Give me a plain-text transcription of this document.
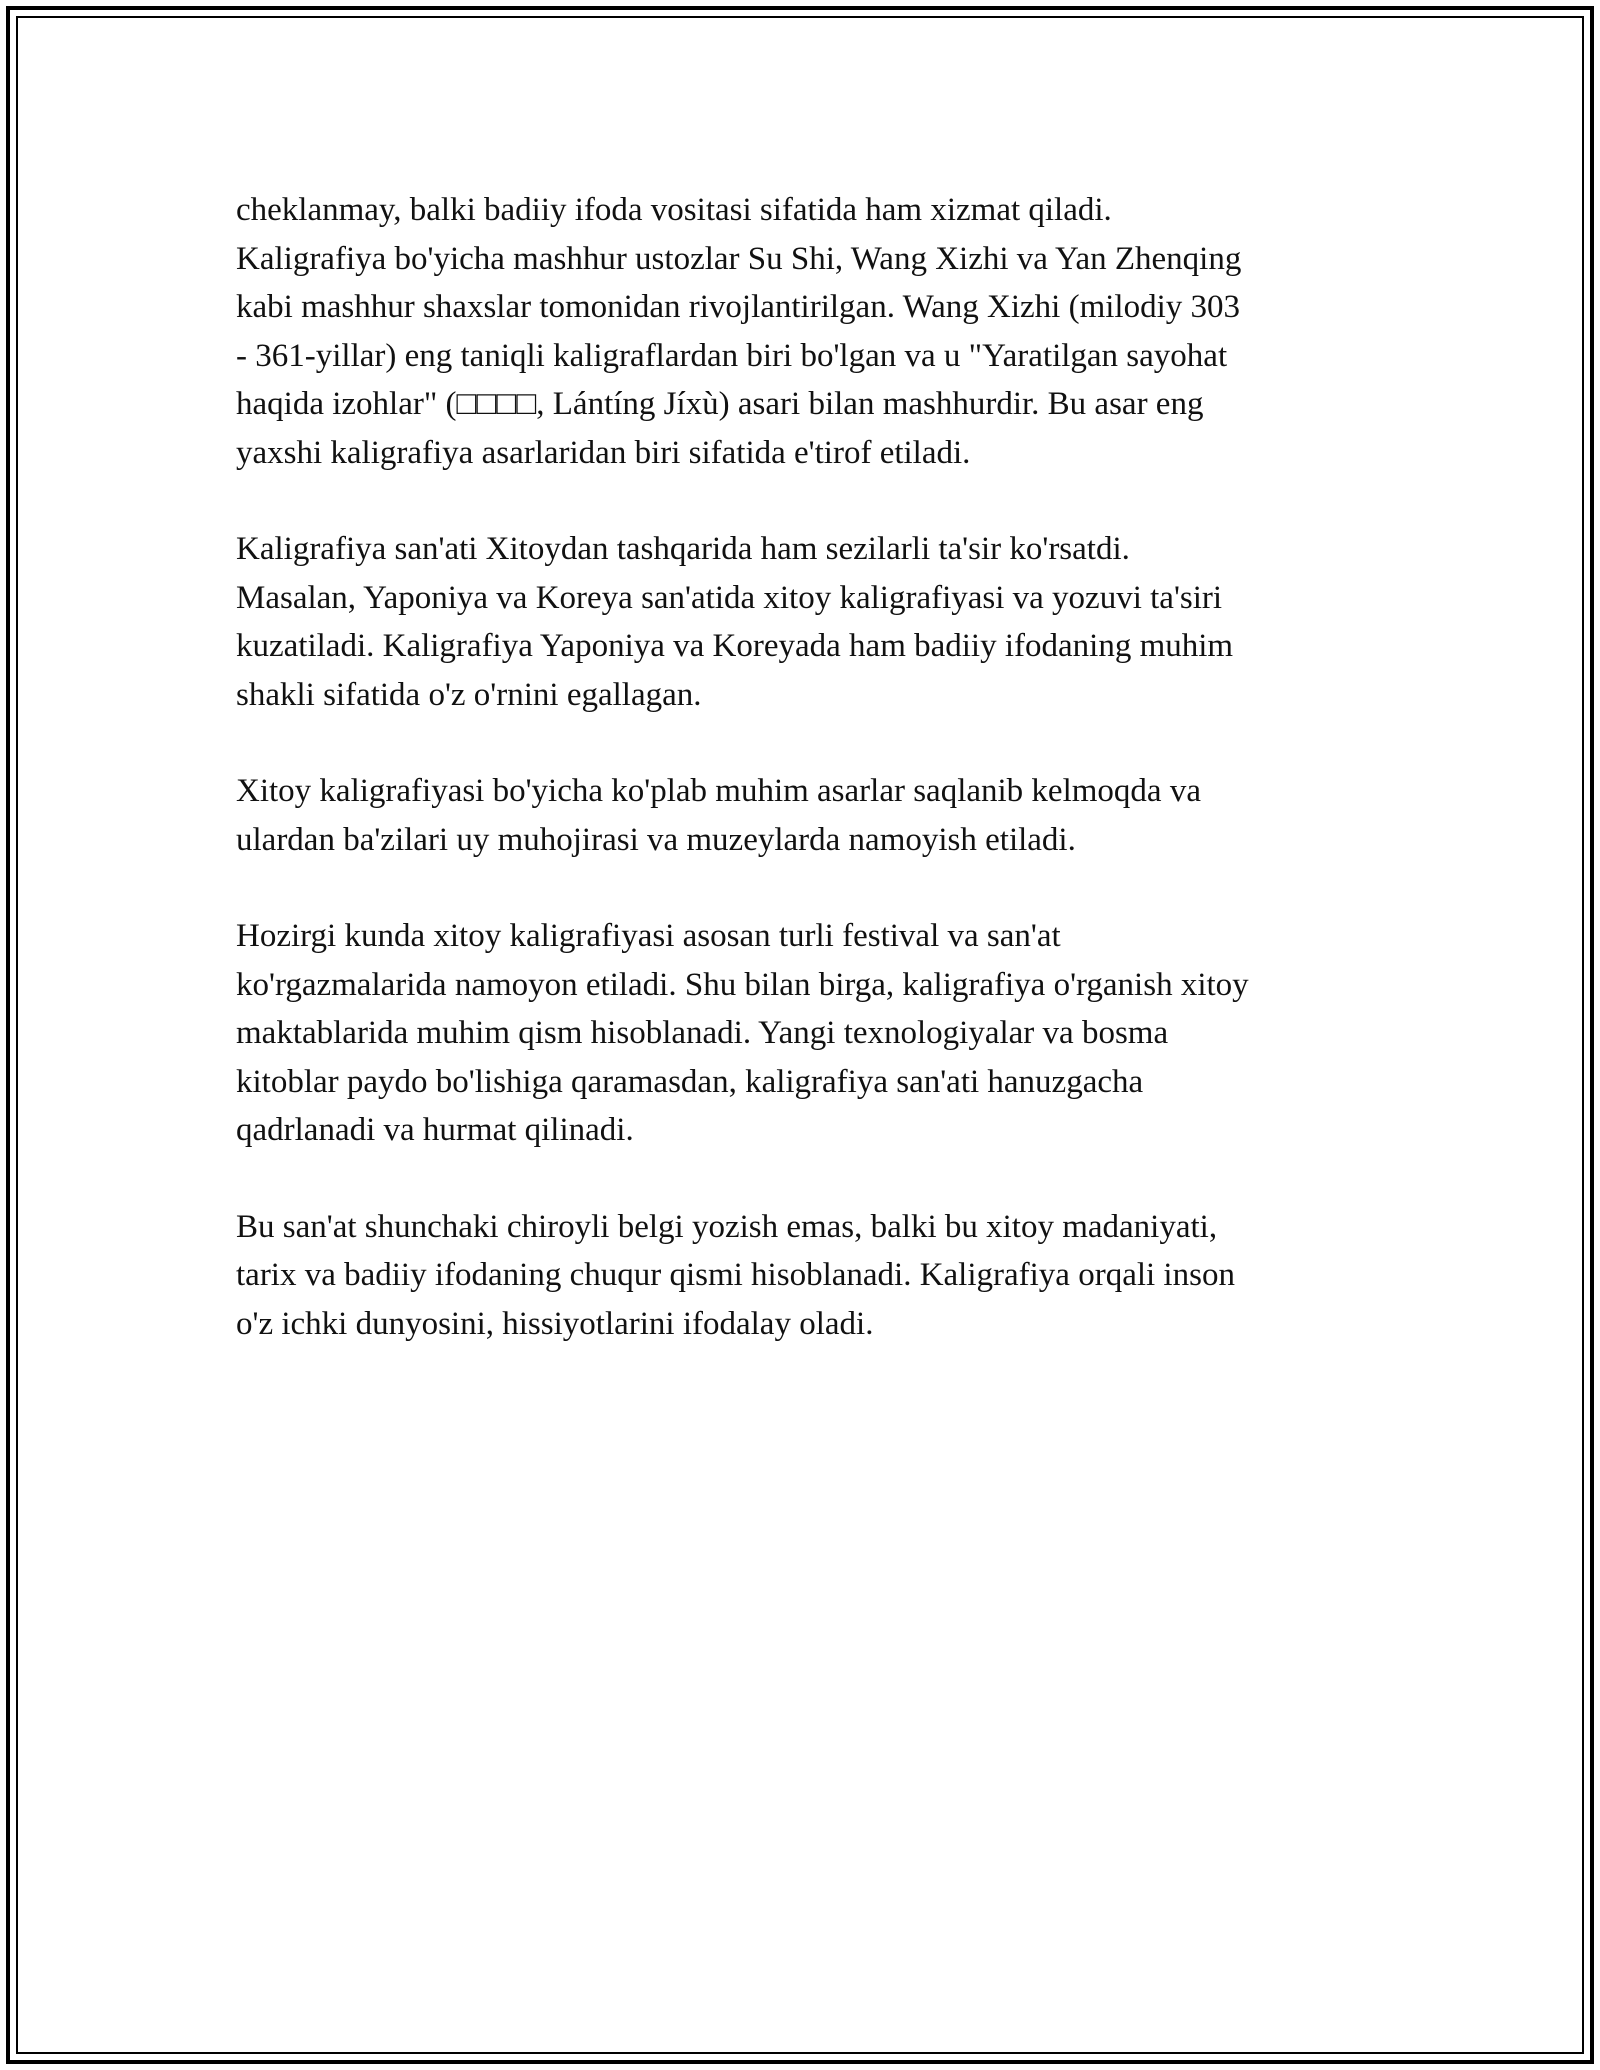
cheklanmay, balki badiiy ifoda vositasi sifatida ham xizmat qiladi.
Kaligrafiya bo'yicha mashhur ustozlar Su Shi, Wang Xizhi va Yan Zhenqing
kabi mashhur shaxslar tomonidan rivojlantirilgan. Wang Xizhi (milodiy 303
- 361-yillar) eng taniqli kaligraflardan biri bo'lgan va u "Yaratilgan sayohat
haqida izohlar" (□□□□, Lántíng Jíxù) asari bilan mashhurdir. Bu asar eng
yaxshi kaligrafiya asarlaridan biri sifatida e'tirof etiladi.

Kaligrafiya san'ati Xitoydan tashqarida ham sezilarli ta'sir ko'rsatdi.
Masalan, Yaponiya va Koreya san'atida xitoy kaligrafiyasi va yozuvi ta'siri
kuzatiladi. Kaligrafiya Yaponiya va Koreyada ham badiiy ifodaning muhim
shakli sifatida o'z o'rnini egallagan.

Xitoy kaligrafiyasi bo'yicha ko'plab muhim asarlar saqlanib kelmoqda va
ulardan ba'zilari uy muhojirasi va muzeylarda namoyish etiladi.

Hozirgi kunda xitoy kaligrafiyasi asosan turli festival va san'at
ko'rgazmalarida namoyon etiladi. Shu bilan birga, kaligrafiya o'rganish xitoy
maktablarida muhim qism hisoblanadi. Yangi texnologiyalar va bosma
kitoblar paydo bo'lishiga qaramasdan, kaligrafiya san'ati hanuzgacha
qadrlanadi va hurmat qilinadi.

Bu san'at shunchaki chiroyli belgi yozish emas, balki bu xitoy madaniyati,
tarix va badiiy ifodaning chuqur qismi hisoblanadi. Kaligrafiya orqali inson
o'z ichki dunyosini, hissiyotlarini ifodalay oladi.
